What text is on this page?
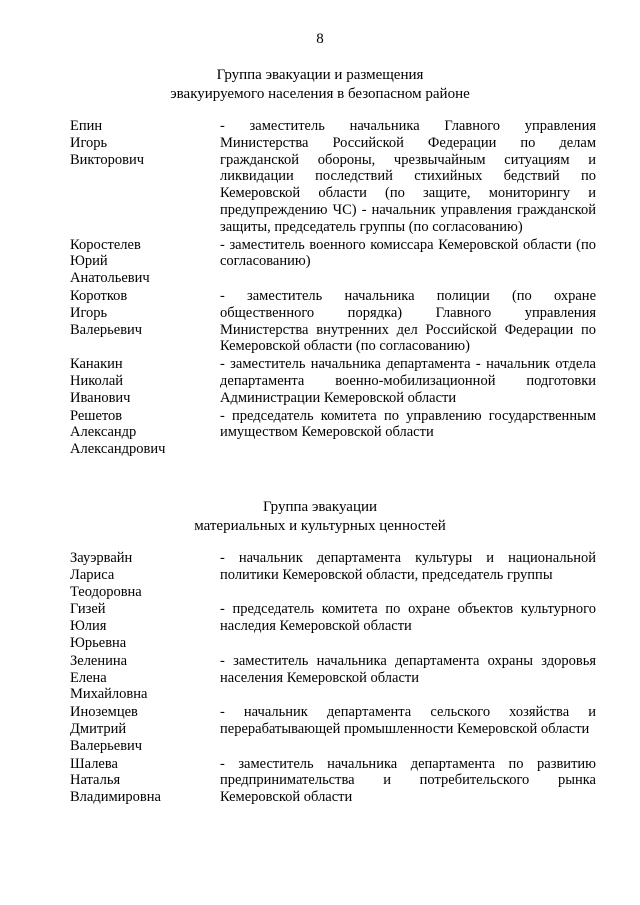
8
Группа эвакуации и размещения
эвакуируемого населения в безопасном районе
Епин
Игорь
Викторович
- заместитель начальника Главного управления Министерства Российской Федерации по делам гражданской обороны, чрезвычайным ситуациям и ликвидации последствий стихийных бедствий по Кемеровской области (по защите, мониторингу и предупреждению ЧС) - начальник управления гражданской защиты, председатель группы (по согласованию)
Коростелев
Юрий
Анатольевич
- заместитель военного комиссара Кемеровской области (по согласованию)
Коротков
Игорь
Валерьевич
- заместитель начальника полиции (по охране общественного порядка) Главного управления Министерства внутренних дел Российской Федерации по Кемеровской области (по согласованию)
Канакин
Николай
Иванович
- заместитель начальника департамента - начальник отдела департамента военно-мобилизационной подготовки Администрации Кемеровской области
Решетов
Александр
Александрович
- председатель комитета по управлению государственным имуществом Кемеровской области
Группа эвакуации
материальных и культурных ценностей
Зауэрвайн
Лариса
Теодоровна
- начальник департамента культуры и национальной политики Кемеровской области, председатель группы
Гизей
Юлия
Юрьевна
- председатель комитета по охране объектов культурного наследия Кемеровской области
Зеленина
Елена
Михайловна
- заместитель начальника департамента охраны здоровья населения Кемеровской области
Иноземцев
Дмитрий
Валерьевич
- начальник департамента сельского хозяйства и перерабатывающей промышленности Кемеровской области
Шалева
Наталья
Владимировна
- заместитель начальника департамента по развитию предпринимательства и потребительского рынка Кемеровской области
